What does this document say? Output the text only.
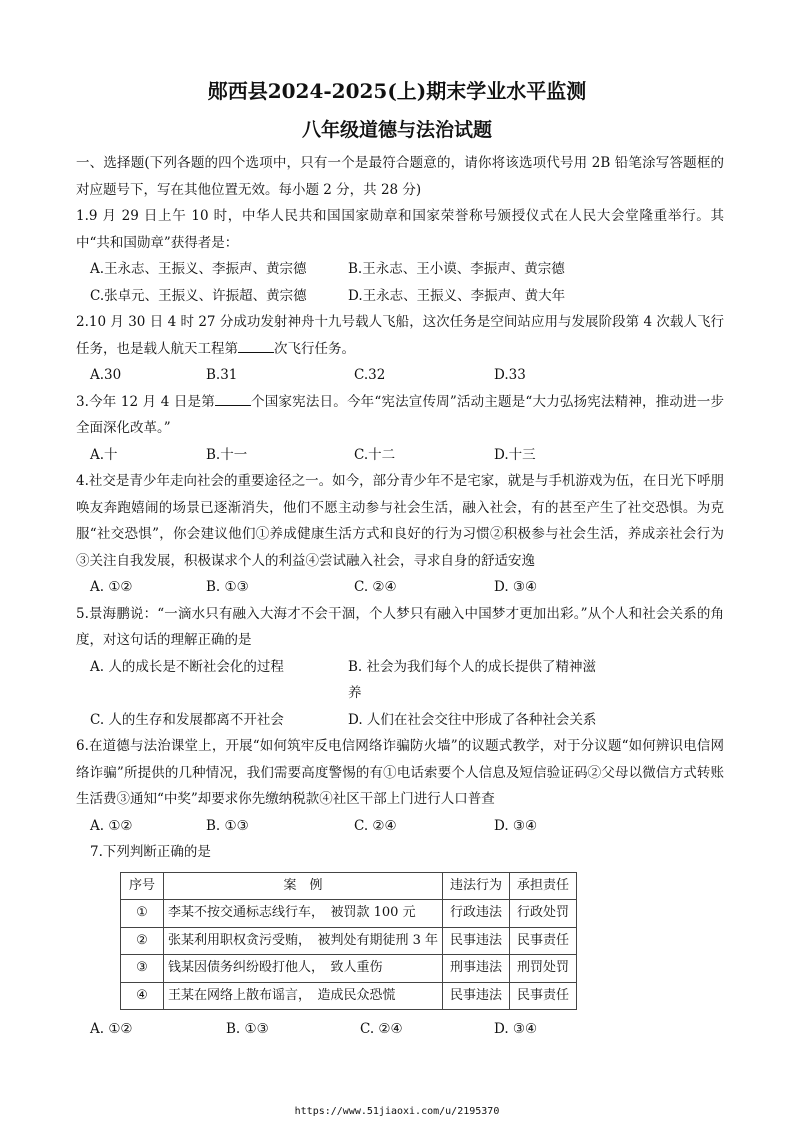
郧西县2024-2025(上)期末学业水平监测
八年级道德与法治试题

一、选择题(下列各题的四个选项中，只有一个是最符合题意的，请你将该选项代号用 2B 铅笔涂写答题框的对应题号下，写在其他位置无效。每小题 2 分，共 28 分)

1.9 月 29 日上午 10 时，中华人民共和国国家勋章和国家荣誉称号颁授仪式在人民大会堂隆重举行。其中“共和国勋章”获得者是：

A.王永志、王振义、李振声、黄宗德	B.王永志、王小谟、李振声、黄宗德
C.张卓元、王振义、许振超、黄宗德	D.王永志、王振义、李振声、黄大年

2.10 月 30 日 4 时 27 分成功发射神舟十九号载人飞船，这次任务是空间站应用与发展阶段第 4 次载人飞行任务，也是载人航天工程第	次飞行任务。

A.30	B.31	C.32	D.33

3.今年 12 月 4 日是第	个国家宪法日。今年“宪法宣传周”活动主题是“大力弘扬宪法精神，推动进一步全面深化改革。”

A.十	B.十一	C.十二	D.十三

4.社交是青少年走向社会的重要途径之一。如今，部分青少年不是宅家，就是与手机游戏为伍，在日光下呼朋唤友奔跑嬉闹的场景已逐渐消失，他们不愿主动参与社会生活，融入社会，有的甚至产生了社交恐惧。为克服“社交恐惧”，你会建议他们①养成健康生活方式和良好的行为习惯②积极参与社会生活，养成亲社会行为③关注自我发展，积极谋求个人的利益④尝试融入社会，寻求自身的舒适安逸

A. ①②	B. ①③	C. ②④	D. ③④

5.景海鹏说：“一滴水只有融入大海才不会干涸，个人梦只有融入中国梦才更加出彩。”从个人和社会关系的角度，对这句话的理解正确的是

A. 人的成长是不断社会化的过程	B. 社会为我们每个人的成长提供了精神滋养
C. 人的生存和发展都离不开社会	D. 人们在社会交往中形成了各种社会关系

6.在道德与法治课堂上，开展“如何筑牢反电信网络诈骗防火墙”的议题式教学，对于分议题“如何辨识电信网络诈骗”所提供的几种情况，我们需要高度警惕的有①电话索要个人信息及短信验证码②父母以微信方式转账生活费③通知“中奖”却要求你先缴纳税款④社区干部上门进行人口普查

A. ①②	B. ①③	C. ②④	D. ③④

7.下列判断正确的是

序号	案　例	违法行为	承担责任
①	李某不按交通标志线行车，　被罚款 100 元	行政违法	行政处罚
②	张某利用职权贪污受贿，　被判处有期徒刑 3 年	民事违法	民事责任
③	钱某因债务纠纷殴打他人，　致人重伤	刑事违法	刑罚处罚
④	王某在网络上散布谣言，　造成民众恐慌	民事违法	民事责任
A. ①②	B. ①③	C. ②④	D. ③④
https://www.51jiaoxi.com/u/2195370
